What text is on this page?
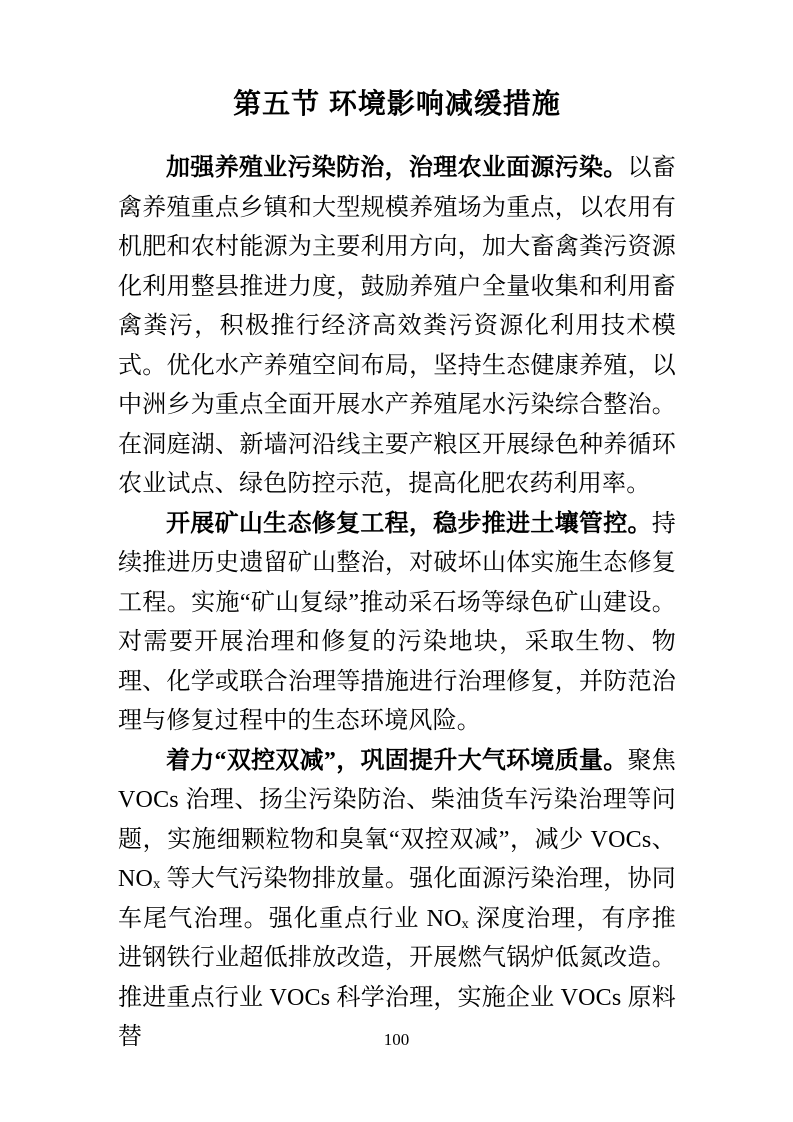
第五节 环境影响减缓措施

加强养殖业污染防治，治理农业面源污染。以畜禽养殖重点乡镇和大型规模养殖场为重点，以农用有机肥和农村能源为主要利用方向，加大畜禽粪污资源化利用整县推进力度，鼓励养殖户全量收集和利用畜禽粪污，积极推行经济高效粪污资源化利用技术模式。优化水产养殖空间布局，坚持生态健康养殖，以中洲乡为重点全面开展水产养殖尾水污染综合整治。在洞庭湖、新墙河沿线主要产粮区开展绿色种养循环农业试点、绿色防控示范，提高化肥农药利用率。

开展矿山生态修复工程，稳步推进土壤管控。持续推进历史遗留矿山整治，对破坏山体实施生态修复工程。实施“矿山复绿”推动采石场等绿色矿山建设。对需要开展治理和修复的污染地块，采取生物、物理、化学或联合治理等措施进行治理修复，并防范治理与修复过程中的生态环境风险。

着力“双控双减”，巩固提升大气环境质量。聚焦 VOCs 治理、扬尘污染防治、柴油货车污染治理等问题，实施细颗粒物和臭氧“双控双减”，减少 VOCs、NOₓ 等大气污染物排放量。强化面源污染治理，协同车尾气治理。强化重点行业 NOₓ 深度治理，有序推进钢铁行业超低排放改造，开展燃气锅炉低氮改造。推进重点行业 VOCs 科学治理，实施企业 VOCs 原料替	100
